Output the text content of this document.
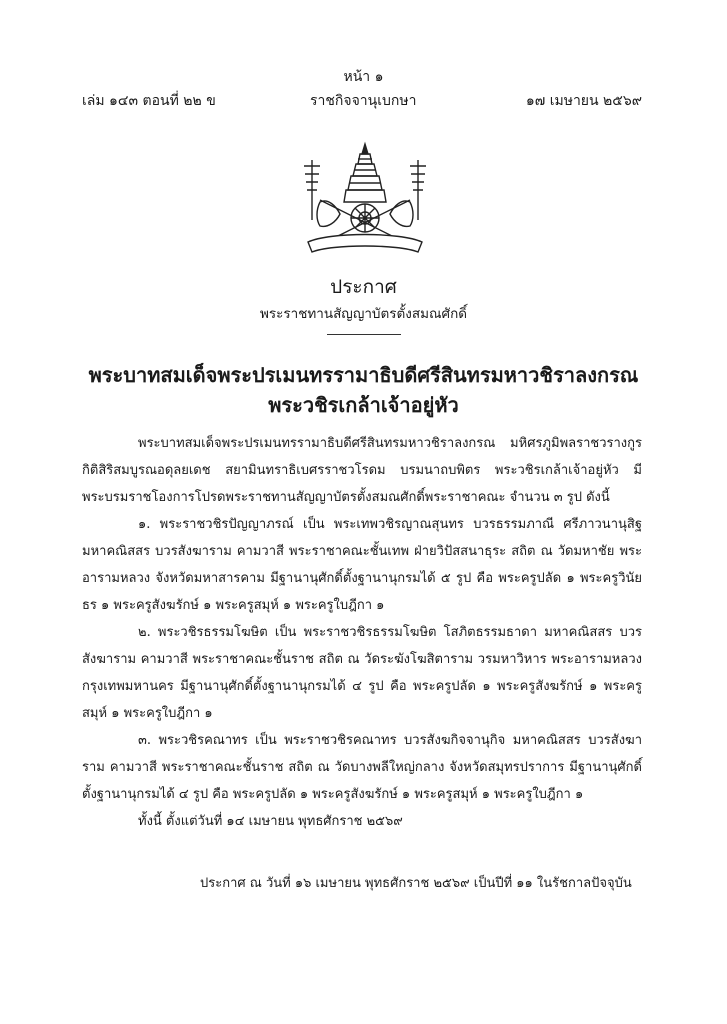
หน้า ๑
เล่ม ๑๔๓ ตอนที่ ๒๒ ข	ราชกิจจานุเบกษา	๑๗ เมษายน ๒๕๖๙
ประกาศ
พระราชทานสัญญาบัตรตั้งสมณศักดิ์
พระบาทสมเด็จพระปรเมนทรรามาธิบดีศรีสินทรมหาวชิราลงกรณ
พระวชิรเกล้าเจ้าอยู่หัว

พระบาทสมเด็จพระปรเมนทรรามาธิบดีศรีสินทรมหาวชิราลงกรณ มหิศรภูมิพลราชวรางกูร กิติสิริสมบูรณอดุลยเดช สยามินทราธิเบศรราชวโรดม บรมนาถบพิตร พระวชิรเกล้าเจ้าอยู่หัว มีพระบรมราชโองการโปรดพระราชทานสัญญาบัตรตั้งสมณศักดิ์พระราชาคณะ จำนวน ๓ รูป ดังนี้

๑. พระราชวชิรปัญญาภรณ์ เป็น พระเทพวชิรญาณสุนทร บวรธรรมภาณี ศรีภาวนานุสิฐ มหาคณิสสร บวรสังฆาราม คามวาสี พระราชาคณะชั้นเทพ ฝ่ายวิปัสสนาธุระ สถิต ณ วัดมหาชัย พระอารามหลวง จังหวัดมหาสารคาม มีฐานานุศักดิ์ตั้งฐานานุกรมได้ ๕ รูป คือ พระครูปลัด ๑ พระครูวินัยธร ๑ พระครูสังฆรักษ์ ๑ พระครูสมุห์ ๑ พระครูใบฎีกา ๑

๒. พระวชิรธรรมโฆษิต เป็น พระราชวชิรธรรมโฆษิต โสภิตธรรมธาดา มหาคณิสสร บวรสังฆาราม คามวาสี พระราชาคณะชั้นราช สถิต ณ วัดระฆังโฆสิตาราม วรมหาวิหาร พระอารามหลวง กรุงเทพมหานคร มีฐานานุศักดิ์ตั้งฐานานุกรมได้ ๔ รูป คือ พระครูปลัด ๑ พระครูสังฆรักษ์ ๑ พระครูสมุห์ ๑ พระครูใบฎีกา ๑

๓. พระวชิรคณาทร เป็น พระราชวชิรคณาทร บวรสังฆกิจจานุกิจ มหาคณิสสร บวรสังฆาราม คามวาสี พระราชาคณะชั้นราช สถิต ณ วัดบางพลีใหญ่กลาง จังหวัดสมุทรปราการ มีฐานานุศักดิ์ตั้งฐานานุกรมได้ ๔ รูป คือ พระครูปลัด ๑ พระครูสังฆรักษ์ ๑ พระครูสมุห์ ๑ พระครูใบฎีกา ๑

ทั้งนี้ ตั้งแต่วันที่ ๑๔ เมษายน พุทธศักราช ๒๕๖๙

ประกาศ ณ วันที่ ๑๖ เมษายน พุทธศักราช ๒๕๖๙ เป็นปีที่ ๑๑ ในรัชกาลปัจจุบัน
